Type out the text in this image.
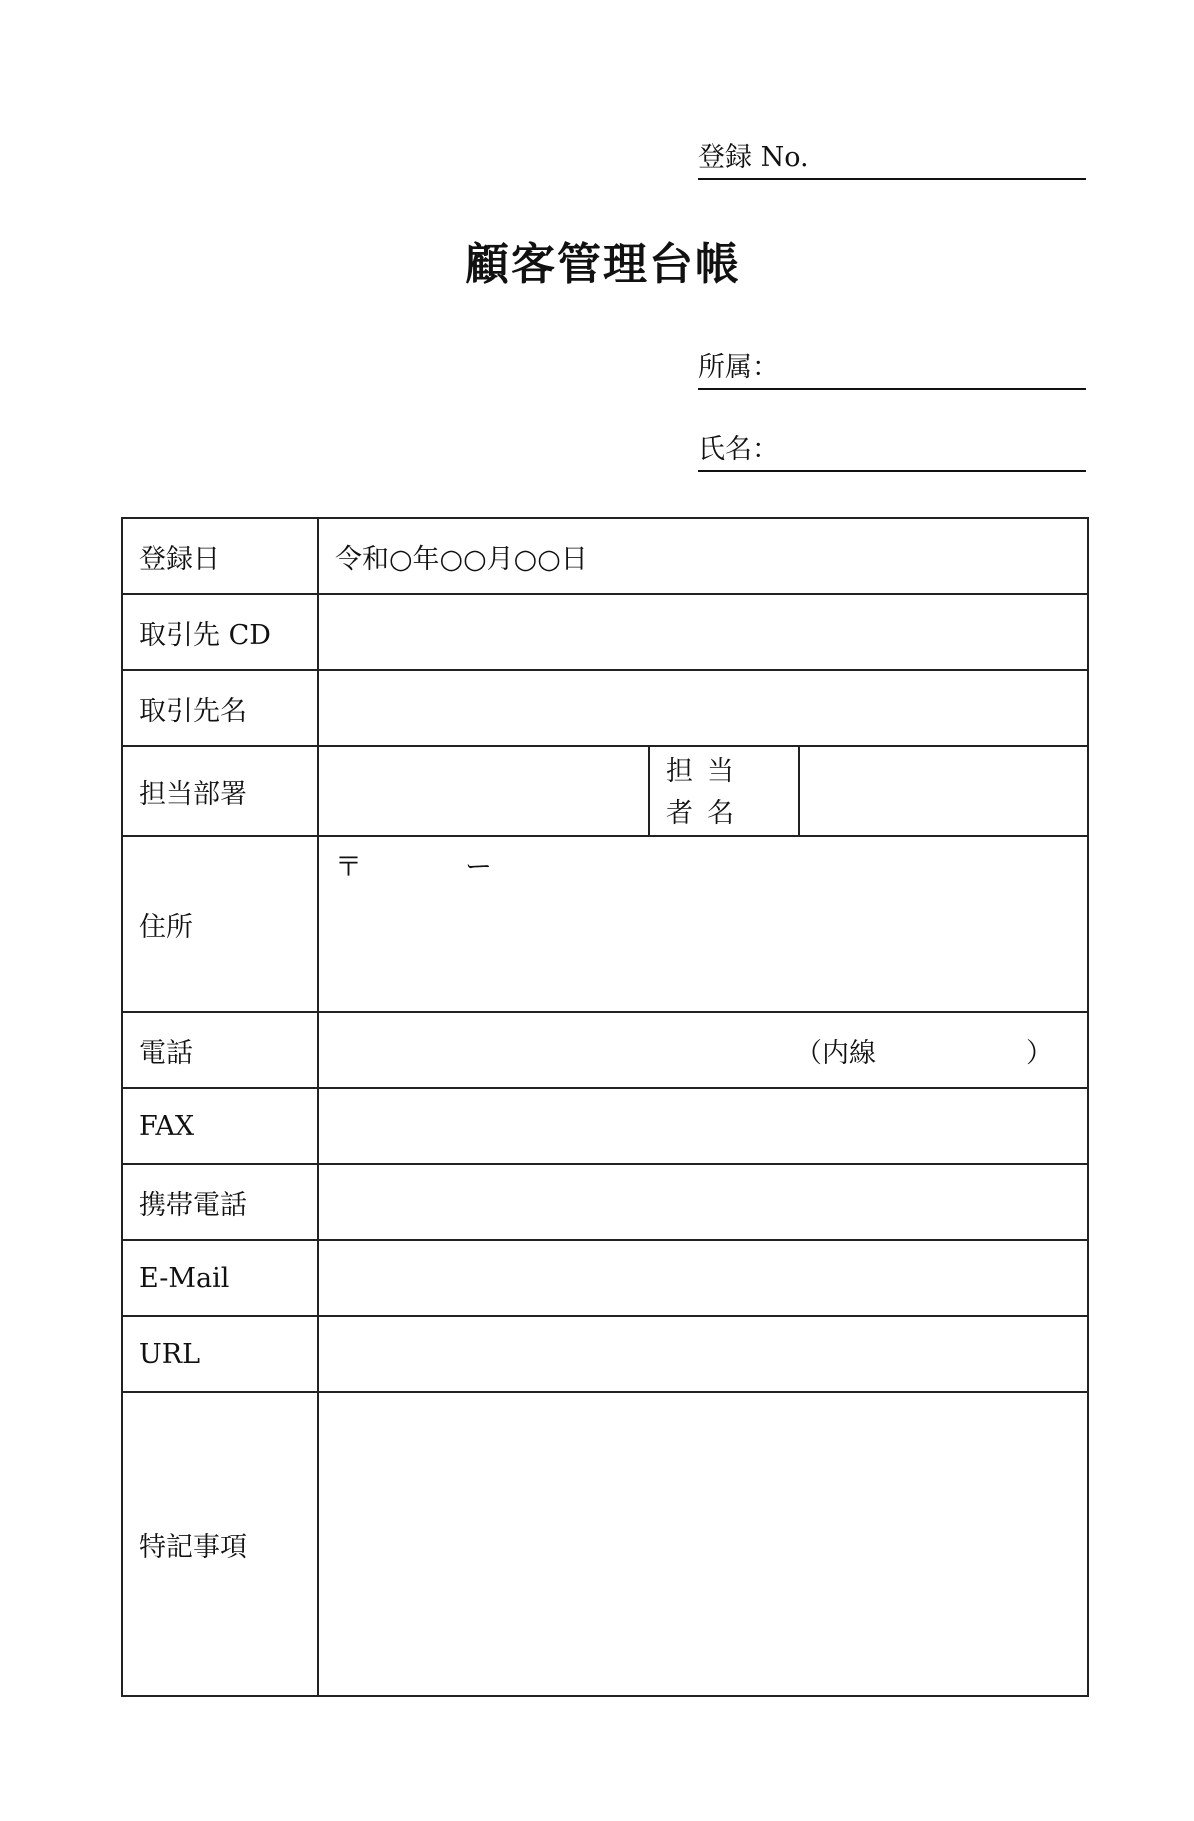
登録 No.
顧客管理台帳
所属：
氏名：
登録日	令和○年○○月○○日		
取引先 CD			
取引先名			
担当部署		担当者名	
住所	〒 ー		
電話	（内線 ）		

FAX			
携帯電話			
E-Mail			
URL			
特記事項			
